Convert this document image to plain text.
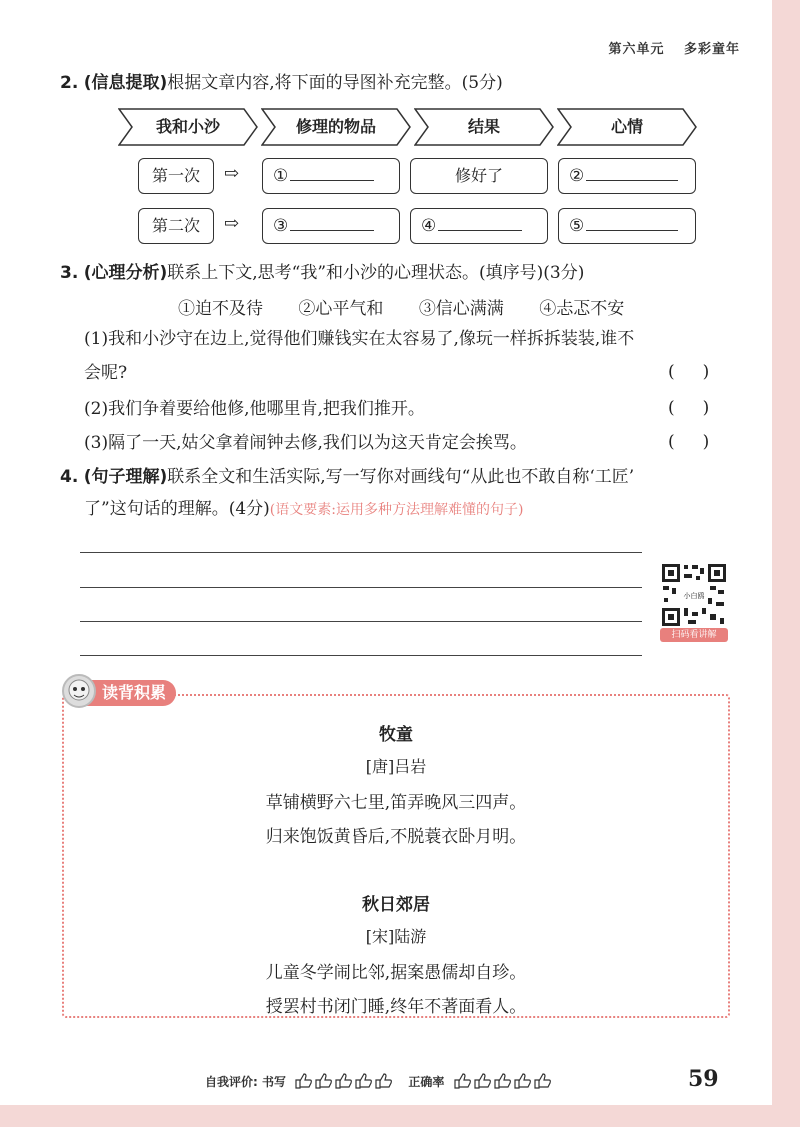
第六单元 多彩童年
2. (信息提取)根据文章内容,将下面的导图补充完整。(5分)
我和小沙	修理的物品	结果	心情
第一次	⇨	①	修好了	②
第二次	⇨	③	④	⑤
3. (心理分析)联系上下文,思考“我”和小沙的心理状态。(填序号)(3分)
①迫不及待 ②心平气和 ③信心满满 ④忐忑不安
(1)我和小沙守在边上,觉得他们赚钱实在太容易了,像玩一样拆拆装装,谁不
会呢?	( )
(2)我们争着要给他修,他哪里肯,把我们推开。	( )
(3)隔了一天,姑父拿着闹钟去修,我们以为这天肯定会挨骂。	( )
4. (句子理解)联系全文和生活实际,写一写你对画线句“从此也不敢自称‘工匠’
了”这句话的理解。(4分)(语文要素:运用多种方法理解难懂的句子)
小白鸥
扫码看讲解
读背积累
牧童
[唐]吕岩
草铺横野六七里,笛弄晚风三四声。
归来饱饭黄昏后,不脱蓑衣卧月明。
秋日郊居
[宋]陆游
儿童冬学闹比邻,据案愚儒却自珍。
授罢村书闭门睡,终年不著面看人。
自我评价: 书写	正确率	59
